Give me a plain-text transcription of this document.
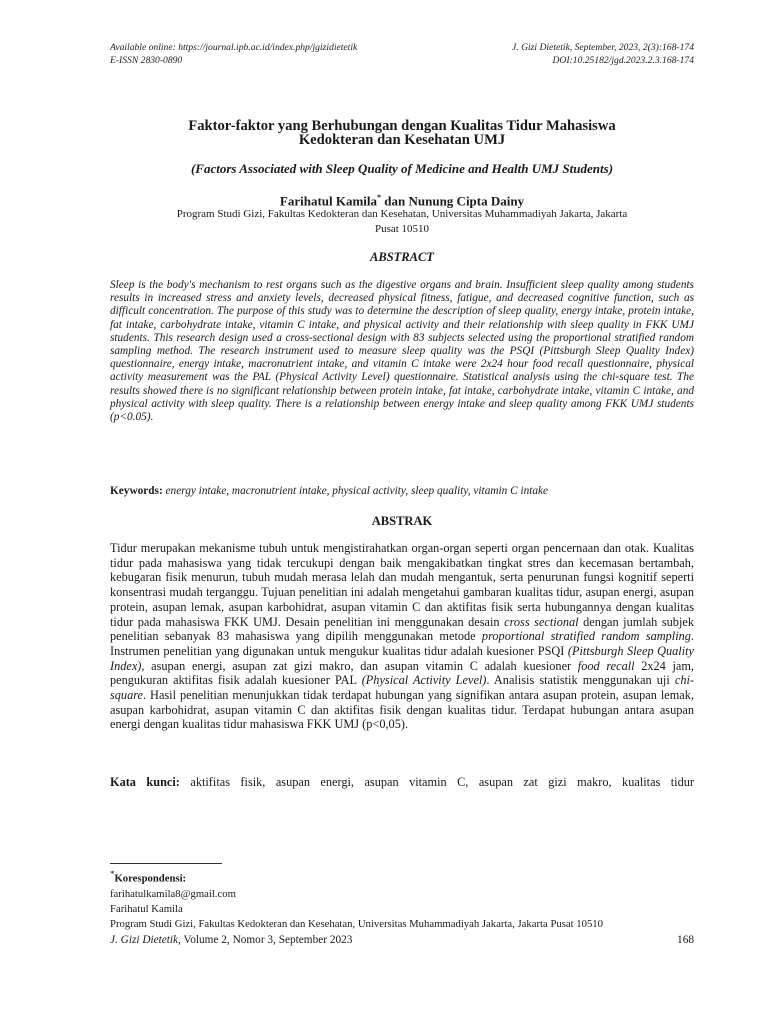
Available online: https://journal.ipb.ac.id/index.php/jgizidietetik
E-ISSN 2830-0890
J. Gizi Dietetik, September, 2023, 2(3):168-174
DOI:10.25182/jgd.2023.2.3.168-174
Faktor-faktor yang Berhubungan dengan Kualitas Tidur Mahasiswa
Kedokteran dan Kesehatan UMJ
(Factors Associated with Sleep Quality of Medicine and Health UMJ Students)
Farihatul Kamila* dan Nunung Cipta Dainy
Program Studi Gizi, Fakultas Kedokteran dan Kesehatan, Universitas Muhammadiyah Jakarta, Jakarta
Pusat 10510
ABSTRACT
Sleep is the body's mechanism to rest organs such as the digestive organs and brain. Insufficient sleep quality among students results in increased stress and anxiety levels, decreased physical fitness, fatigue, and decreased cognitive function, such as difficult concentration. The purpose of this study was to determine the description of sleep quality, energy intake, protein intake, fat intake, carbohydrate intake, vitamin C intake, and physical activity and their relationship with sleep quality in FKK UMJ students. This research design used a cross-sectional design with 83 subjects selected using the proportional stratified random sampling method. The research instrument used to measure sleep quality was the PSQI (Pittsburgh Sleep Quality Index) questionnaire, energy intake, macronutrient intake, and vitamin C intake were 2x24 hour food recall questionnaire, physical activity measurement was the PAL (Physical Activity Level) questionnaire. Statistical analysis using the chi-square test. The results showed there is no significant relationship between protein intake, fat intake, carbohydrate intake, vitamin C intake, and physical activity with sleep quality. There is a relationship between energy intake and sleep quality among FKK UMJ students (p<0.05).
Keywords: energy intake, macronutrient intake, physical activity, sleep quality, vitamin C intake
ABSTRAK
Tidur merupakan mekanisme tubuh untuk mengistirahatkan organ-organ seperti organ pencernaan dan otak. Kualitas tidur pada mahasiswa yang tidak tercukupi dengan baik mengakibatkan tingkat stres dan kecemasan bertambah, kebugaran fisik menurun, tubuh mudah merasa lelah dan mudah mengantuk, serta penurunan fungsi kognitif seperti konsentrasi mudah terganggu. Tujuan penelitian ini adalah mengetahui gambaran kualitas tidur, asupan energi, asupan protein, asupan lemak, asupan karbohidrat, asupan vitamin C dan aktifitas fisik serta hubungannya dengan kualitas tidur pada mahasiswa FKK UMJ. Desain penelitian ini menggunakan desain cross sectional dengan jumlah subjek penelitian sebanyak 83 mahasiswa yang dipilih menggunakan metode proportional stratified random sampling. Instrumen penelitian yang digunakan untuk mengukur kualitas tidur adalah kuesioner PSQI (Pittsburgh Sleep Quality Index), asupan energi, asupan zat gizi makro, dan asupan vitamin C adalah kuesioner food recall 2x24 jam, pengukuran aktifitas fisik adalah kuesioner PAL (Physical Activity Level). Analisis statistik menggunakan uji chi-square. Hasil penelitian menunjukkan tidak terdapat hubungan yang signifikan antara asupan protein, asupan lemak, asupan karbohidrat, asupan vitamin C dan aktifitas fisik dengan kualitas tidur. Terdapat hubungan antara asupan energi dengan kualitas tidur mahasiswa FKK UMJ (p<0,05).
Kata kunci: aktifitas fisik, asupan energi, asupan vitamin C, asupan zat gizi makro, kualitas tidur
*Korespondensi:
farihatulkamila8@gmail.com
Farihatul Kamila
Program Studi Gizi, Fakultas Kedokteran dan Kesehatan, Universitas Muhammadiyah Jakarta, Jakarta Pusat 10510
J. Gizi Dietetik, Volume 2, Nomor 3, September 2023	168
